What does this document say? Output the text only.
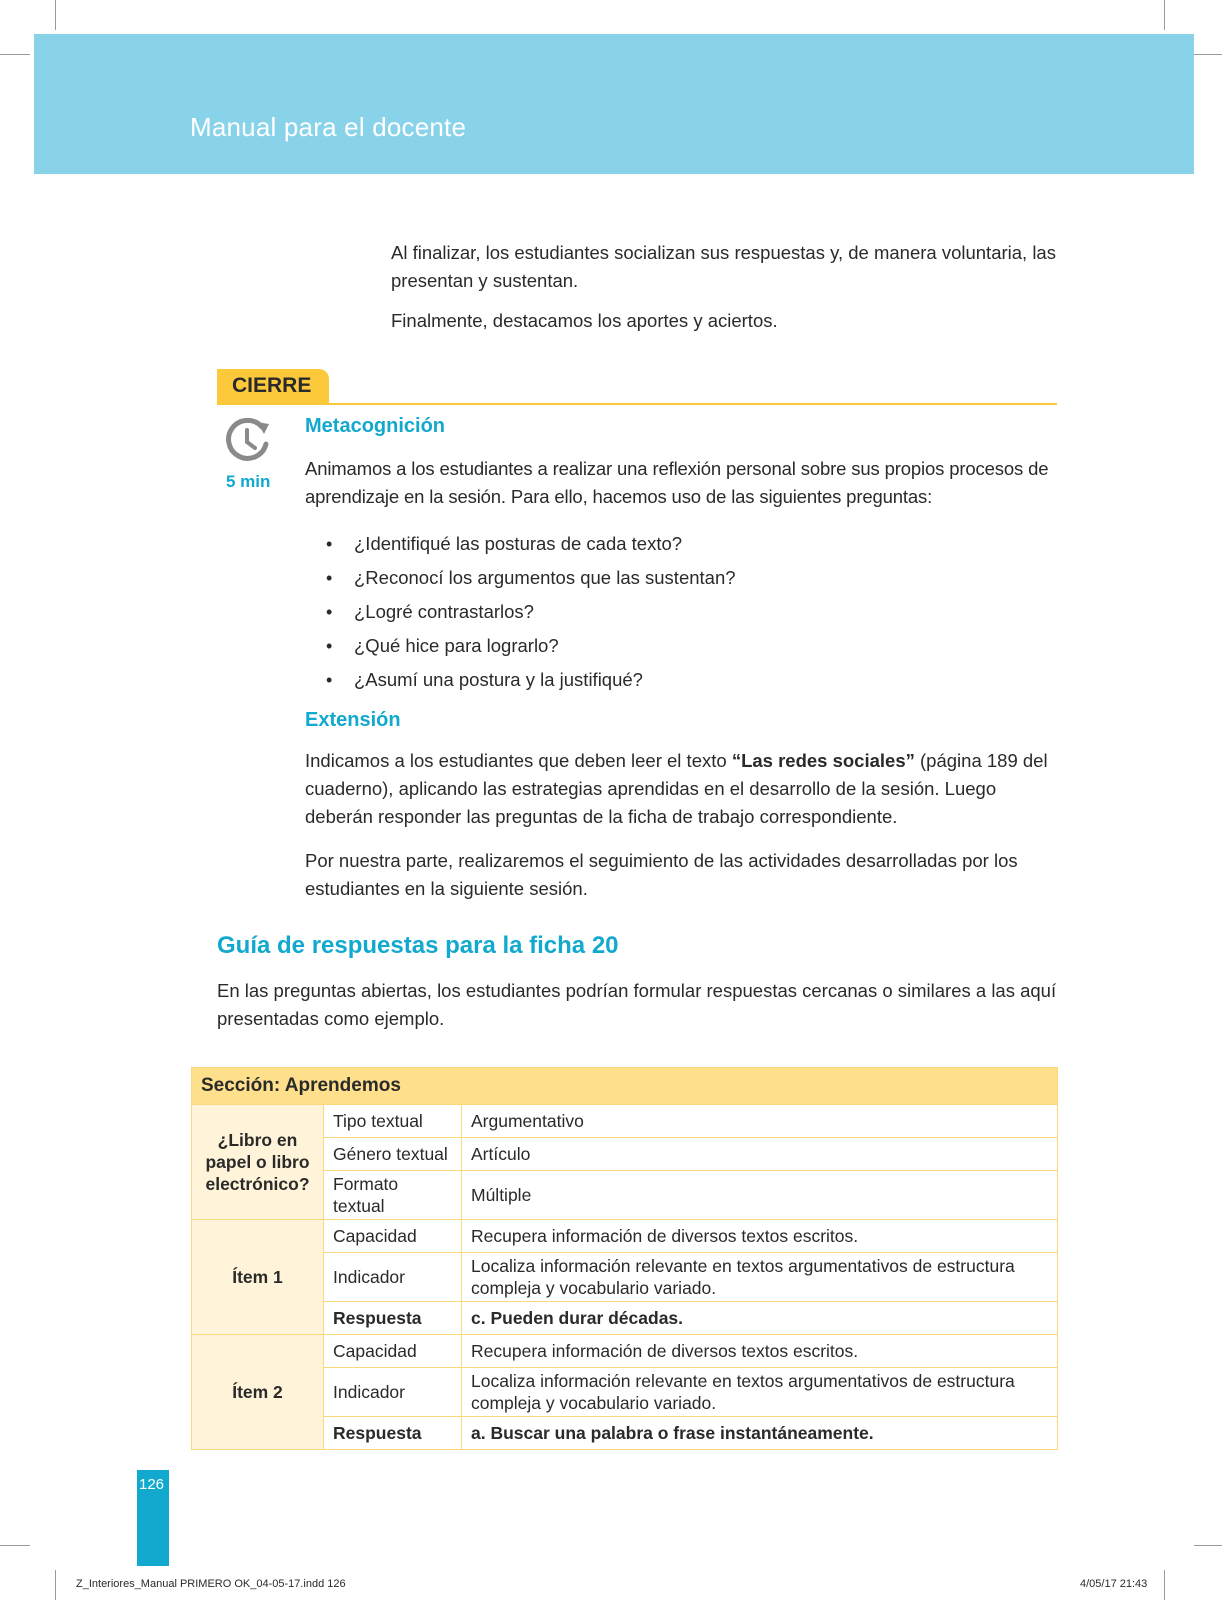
Manual para el docente

Al finalizar, los estudiantes socializan sus respuestas y, de manera voluntaria, las presentan y sustentan.

Finalmente, destacamos los aportes y aciertos.

CIERRE
5 min
Metacognición

Animamos a los estudiantes a realizar una reflexión personal sobre sus propios procesos de aprendizaje en la sesión. Para ello, hacemos uso de las siguientes preguntas:

• ¿Identifiqué las posturas de cada texto?
• ¿Reconocí los argumentos que las sustentan?
• ¿Logré contrastarlos?
• ¿Qué hice para lograrlo?
• ¿Asumí una postura y la justifiqué?
Extensión

Indicamos a los estudiantes que deben leer el texto “Las redes sociales” (página 189 del cuaderno), aplicando las estrategias aprendidas en el desarrollo de la sesión. Luego deberán responder las preguntas de la ficha de trabajo correspondiente.

Por nuestra parte, realizaremos el seguimiento de las actividades desarrolladas por los estudiantes en la siguiente sesión.

Guía de respuestas para la ficha 20

En las preguntas abiertas, los estudiantes podrían formular respuestas cercanas o similares a las aquí presentadas como ejemplo.

Sección: Aprendemos		
¿Libro en papel o libro electrónico?	Tipo textual	Argumentativo
	Género textual	Artículo
	Formato textual	Múltiple
Ítem 1	Capacidad	Recupera información de diversos textos escritos.
	Indicador	Localiza información relevante en textos argumentativos de estructura compleja y vocabulario variado.
	Respuesta	c. Pueden durar décadas.
Ítem 2	Capacidad	Recupera información de diversos textos escritos.
	Indicador	Localiza información relevante en textos argumentativos de estructura compleja y vocabulario variado.
	Respuesta	a. Buscar una palabra o frase instantáneamente.
126
Z_Interiores_Manual PRIMERO OK_04-05-17.indd 126	4/05/17 21:43
